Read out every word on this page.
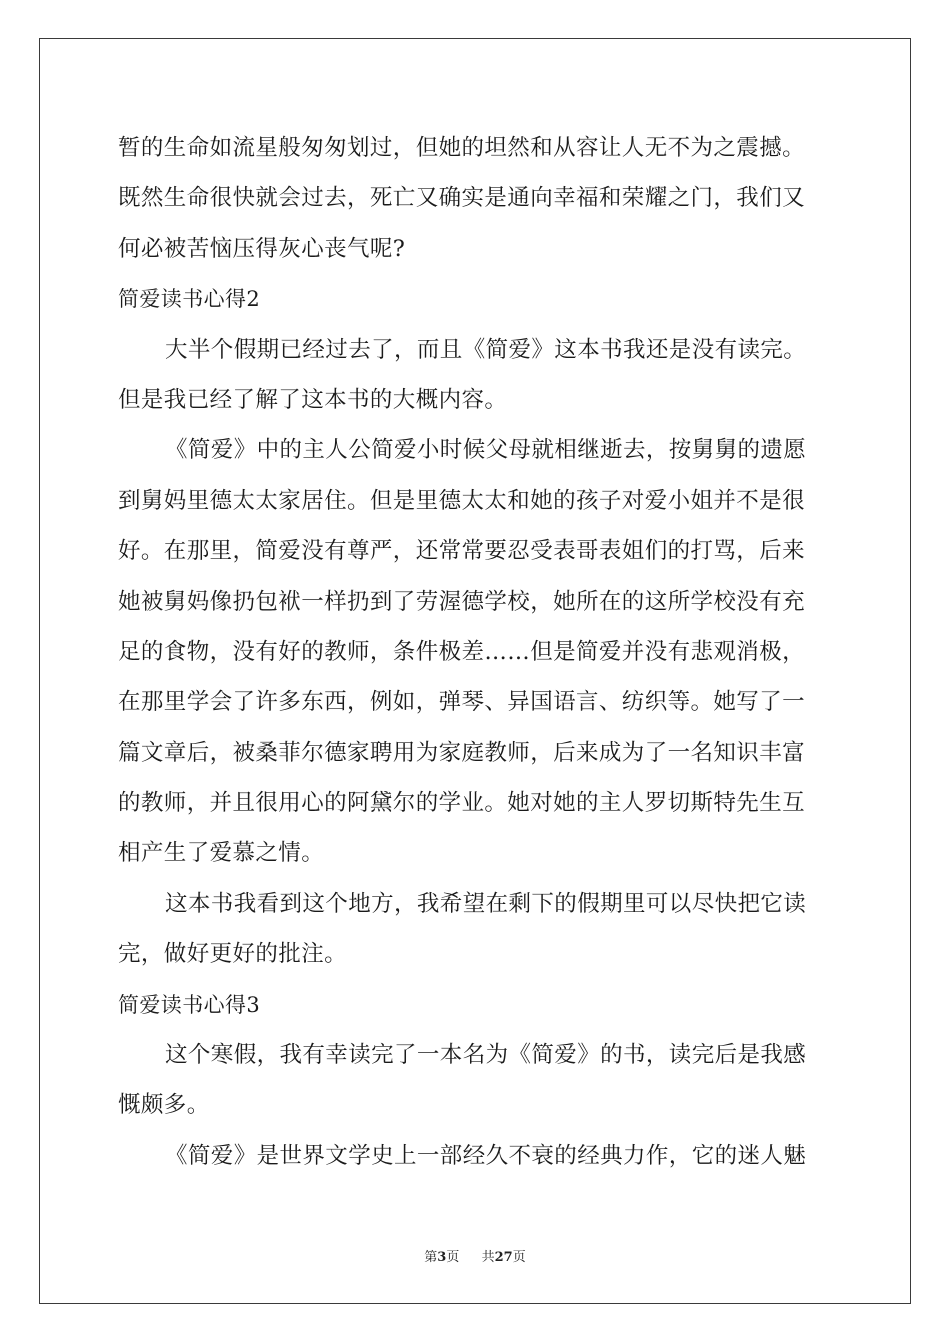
暂的生命如流星般匆匆划过，但她的坦然和从容让人无不为之震撼。
既然生命很快就会过去，死亡又确实是通向幸福和荣耀之门，我们又
何必被苦恼压得灰心丧气呢?
简爱读书心得2
大半个假期已经过去了，而且《简爱》这本书我还是没有读完。
但是我已经了解了这本书的大概内容。
《简爱》中的主人公简爱小时候父母就相继逝去，按舅舅的遗愿
到舅妈里德太太家居住。但是里德太太和她的孩子对爱小姐并不是很
好。在那里，简爱没有尊严，还常常要忍受表哥表姐们的打骂，后来
她被舅妈像扔包袱一样扔到了劳渥德学校，她所在的这所学校没有充
足的食物，没有好的教师，条件极差……但是简爱并没有悲观消极，
在那里学会了许多东西，例如，弹琴、异国语言、纺织等。她写了一
篇文章后，被桑菲尔德家聘用为家庭教师，后来成为了一名知识丰富
的教师，并且很用心的阿黛尔的学业。她对她的主人罗切斯特先生互
相产生了爱慕之情。
这本书我看到这个地方，我希望在剩下的假期里可以尽快把它读
完，做好更好的批注。
简爱读书心得3
这个寒假，我有幸读完了一本名为《简爱》的书，读完后是我感
慨颇多。
《简爱》是世界文学史上一部经久不衰的经典力作，它的迷人魅
第3页 共27页
